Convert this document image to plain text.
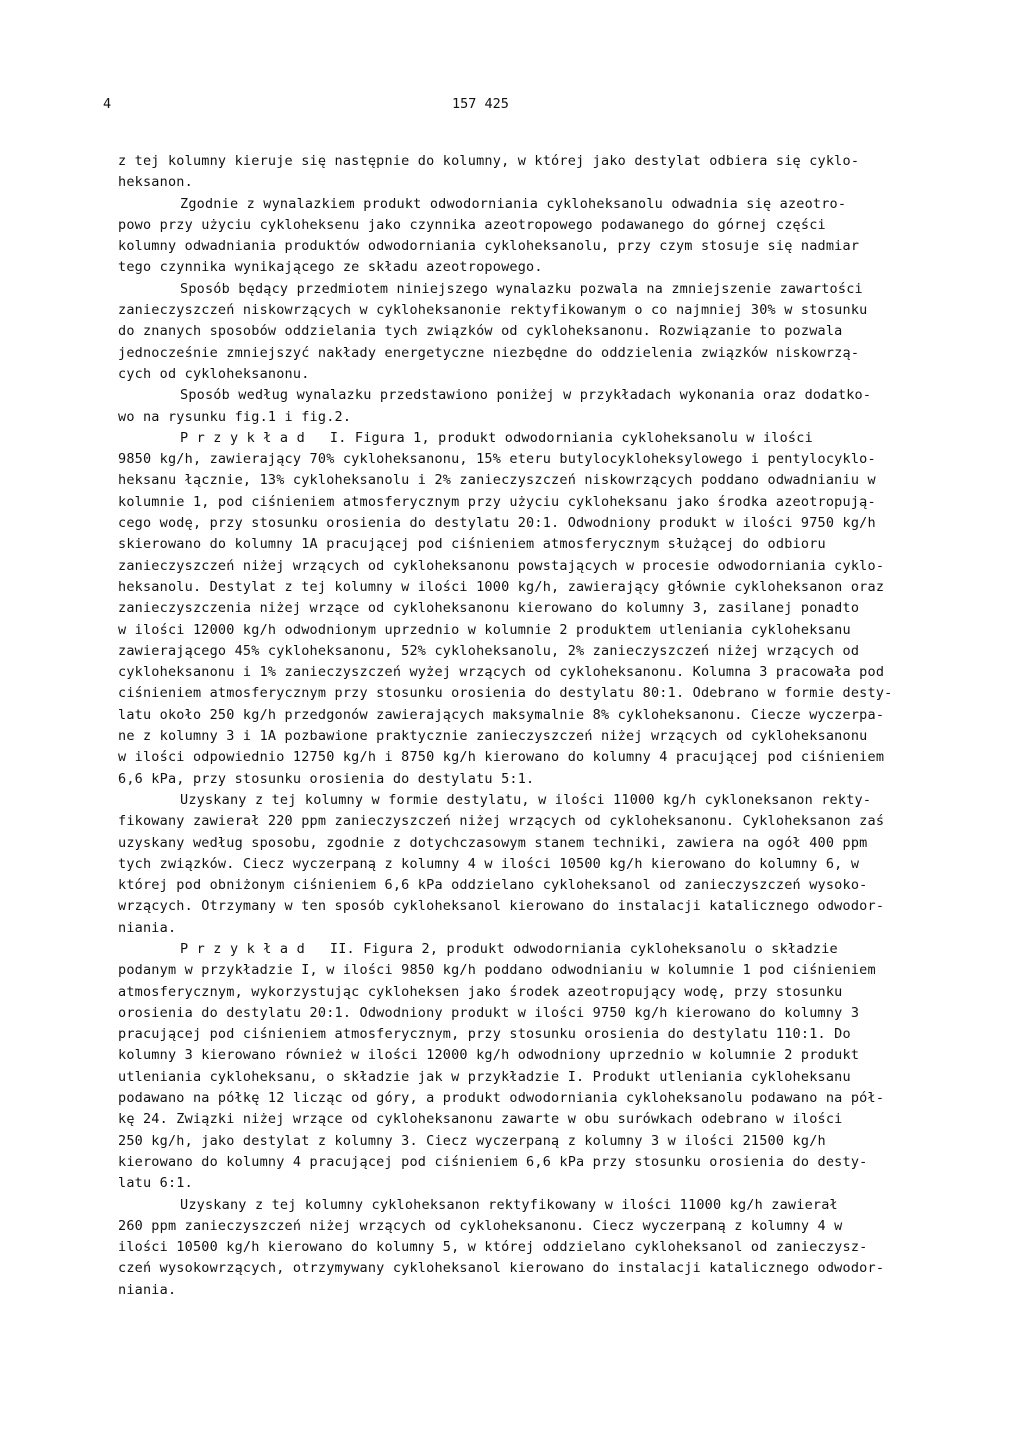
4	157 425
z tej kolumny kieruje się następnie do kolumny, w której jako destylat odbiera się cyklo-
heksanon.
Zgodnie z wynalazkiem produkt odwodorniania cykloheksanolu odwadnia się azeotro-
powo przy użyciu cykloheksenu jako czynnika azeotropowego podawanego do górnej części
kolumny odwadniania produktów odwodorniania cykloheksanolu, przy czym stosuje się nadmiar
tego czynnika wynikającego ze składu azeotropowego.
Sposób będący przedmiotem niniejszego wynalazku pozwala na zmniejszenie zawartości
zanieczyszczeń niskowrzących w cykloheksanonie rektyfikowanym o co najmniej 30% w stosunku
do znanych sposobów oddzielania tych związków od cykloheksanonu. Rozwiązanie to pozwala
jednocześnie zmniejszyć nakłady energetyczne niezbędne do oddzielenia związków niskowrzą-
cych od cykloheksanonu.
Sposób według wynalazku przedstawiono poniżej w przykładach wykonania oraz dodatko-
wo na rysunku fig.1 i fig.2.
P r z y k ł a d   I. Figura 1, produkt odwodorniania cykloheksanolu w ilości
9850 kg/h, zawierający 70% cykloheksanonu, 15% eteru butylocykloheksylowego i pentylocyklo-
heksanu łącznie, 13% cykloheksanolu i 2% zanieczyszczeń niskowrzących poddano odwadnianiu w
kolumnie 1, pod ciśnieniem atmosferycznym przy użyciu cykloheksanu jako środka azeotropują-
cego wodę, przy stosunku orosienia do destylatu 20:1. Odwodniony produkt w ilości 9750 kg/h
skierowano do kolumny 1A pracującej pod ciśnieniem atmosferycznym służącej do odbioru
zanieczyszczeń niżej wrzących od cykloheksanonu powstających w procesie odwodorniania cyklo-
heksanolu. Destylat z tej kolumny w ilości 1000 kg/h, zawierający głównie cykloheksanon oraz
zanieczyszczenia niżej wrzące od cykloheksanonu kierowano do kolumny 3, zasilanej ponadto
w ilości 12000 kg/h odwodnionym uprzednio w kolumnie 2 produktem utleniania cykloheksanu
zawierającego 45% cykloheksanonu, 52% cykloheksanolu, 2% zanieczyszczeń niżej wrzących od
cykloheksanonu i 1% zanieczyszczeń wyżej wrzących od cykloheksanonu. Kolumna 3 pracowała pod
ciśnieniem atmosferycznym przy stosunku orosienia do destylatu 80:1. Odebrano w formie desty-
latu około 250 kg/h przedgonów zawierających maksymalnie 8% cykloheksanonu. Ciecze wyczerpa-
ne z kolumny 3 i 1A pozbawione praktycznie zanieczyszczeń niżej wrzących od cykloheksanonu
w ilości odpowiednio 12750 kg/h i 8750 kg/h kierowano do kolumny 4 pracującej pod ciśnieniem
6,6 kPa, przy stosunku orosienia do destylatu 5:1.
Uzyskany z tej kolumny w formie destylatu, w ilości 11000 kg/h cykloneksanon rekty-
fikowany zawierał 220 ppm zanieczyszczeń niżej wrzących od cykloheksanonu. Cykloheksanon zaś
uzyskany według sposobu, zgodnie z dotychczasowym stanem techniki, zawiera na ogół 400 ppm
tych związków. Ciecz wyczerpaną z kolumny 4 w ilości 10500 kg/h kierowano do kolumny 6, w
której pod obniżonym ciśnieniem 6,6 kPa oddzielano cykloheksanol od zanieczyszczeń wysoko-
wrzących. Otrzymany w ten sposób cykloheksanol kierowano do instalacji katalicznego odwodor-
niania.
P r z y k ł a d   II. Figura 2, produkt odwodorniania cykloheksanolu o składzie
podanym w przykładzie I, w ilości 9850 kg/h poddano odwodnianiu w kolumnie 1 pod ciśnieniem
atmosferycznym, wykorzystując cykloheksen jako środek azeotropujący wodę, przy stosunku
orosienia do destylatu 20:1. Odwodniony produkt w ilości 9750 kg/h kierowano do kolumny 3
pracującej pod ciśnieniem atmosferycznym, przy stosunku orosienia do destylatu 110:1. Do
kolumny 3 kierowano również w ilości 12000 kg/h odwodniony uprzednio w kolumnie 2 produkt
utleniania cykloheksanu, o składzie jak w przykładzie I. Produkt utleniania cykloheksanu
podawano na półkę 12 licząc od góry, a produkt odwodorniania cykloheksanolu podawano na pół-
kę 24. Związki niżej wrzące od cykloheksanonu zawarte w obu surówkach odebrano w ilości
250 kg/h, jako destylat z kolumny 3. Ciecz wyczerpaną z kolumny 3 w ilości 21500 kg/h
kierowano do kolumny 4 pracującej pod ciśnieniem 6,6 kPa przy stosunku orosienia do desty-
latu 6:1.
Uzyskany z tej kolumny cykloheksanon rektyfikowany w ilości 11000 kg/h zawierał
260 ppm zanieczyszczeń niżej wrzących od cykloheksanonu. Ciecz wyczerpaną z kolumny 4 w
ilości 10500 kg/h kierowano do kolumny 5, w której oddzielano cykloheksanol od zanieczysz-
czeń wysokowrzących, otrzymywany cykloheksanol kierowano do instalacji katalicznego odwodor-
niania.
